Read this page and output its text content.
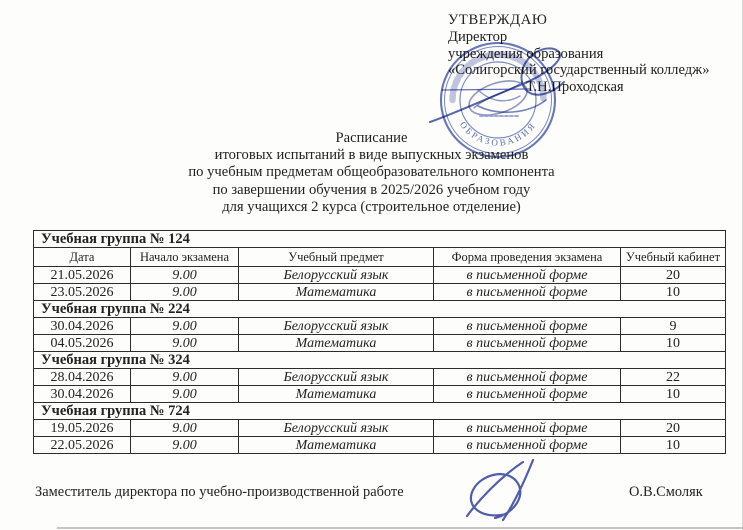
УТВЕРЖДАЮ
Директор
учреждения образования
«Солигорский государственный колледж»
Т.Н.Проходская
ОБРАЗОВАНИЯ
Расписание
итоговых испытаний в виде выпускных экзаменов
по учебным предметам общеобразовательного компонента
по завершении обучения в 2025/2026 учебном году
для учащихся 2 курса (строительное отделение)
Учебная группа № 124				
Дата	Начало экзамена	Учебный предмет	Форма проведения экзамена	Учебный кабинет
21.05.2026	9.00	Белорусский язык	в письменной форме	20
23.05.2026	9.00	Математика	в письменной форме	10
Учебная группа № 224				
30.04.2026	9.00	Белорусский язык	в письменной форме	9
04.05.2026	9.00	Математика	в письменной форме	10
Учебная группа № 324				
28.04.2026	9.00	Белорусский язык	в письменной форме	22
30.04.2026	9.00	Математика	в письменной форме	10
Учебная группа № 724				
19.05.2026	9.00	Белорусский язык	в письменной форме	20
22.05.2026	9.00	Математика	в письменной форме	10
Заместитель директора по учебно-производственной работе	О.В.Смоляк
